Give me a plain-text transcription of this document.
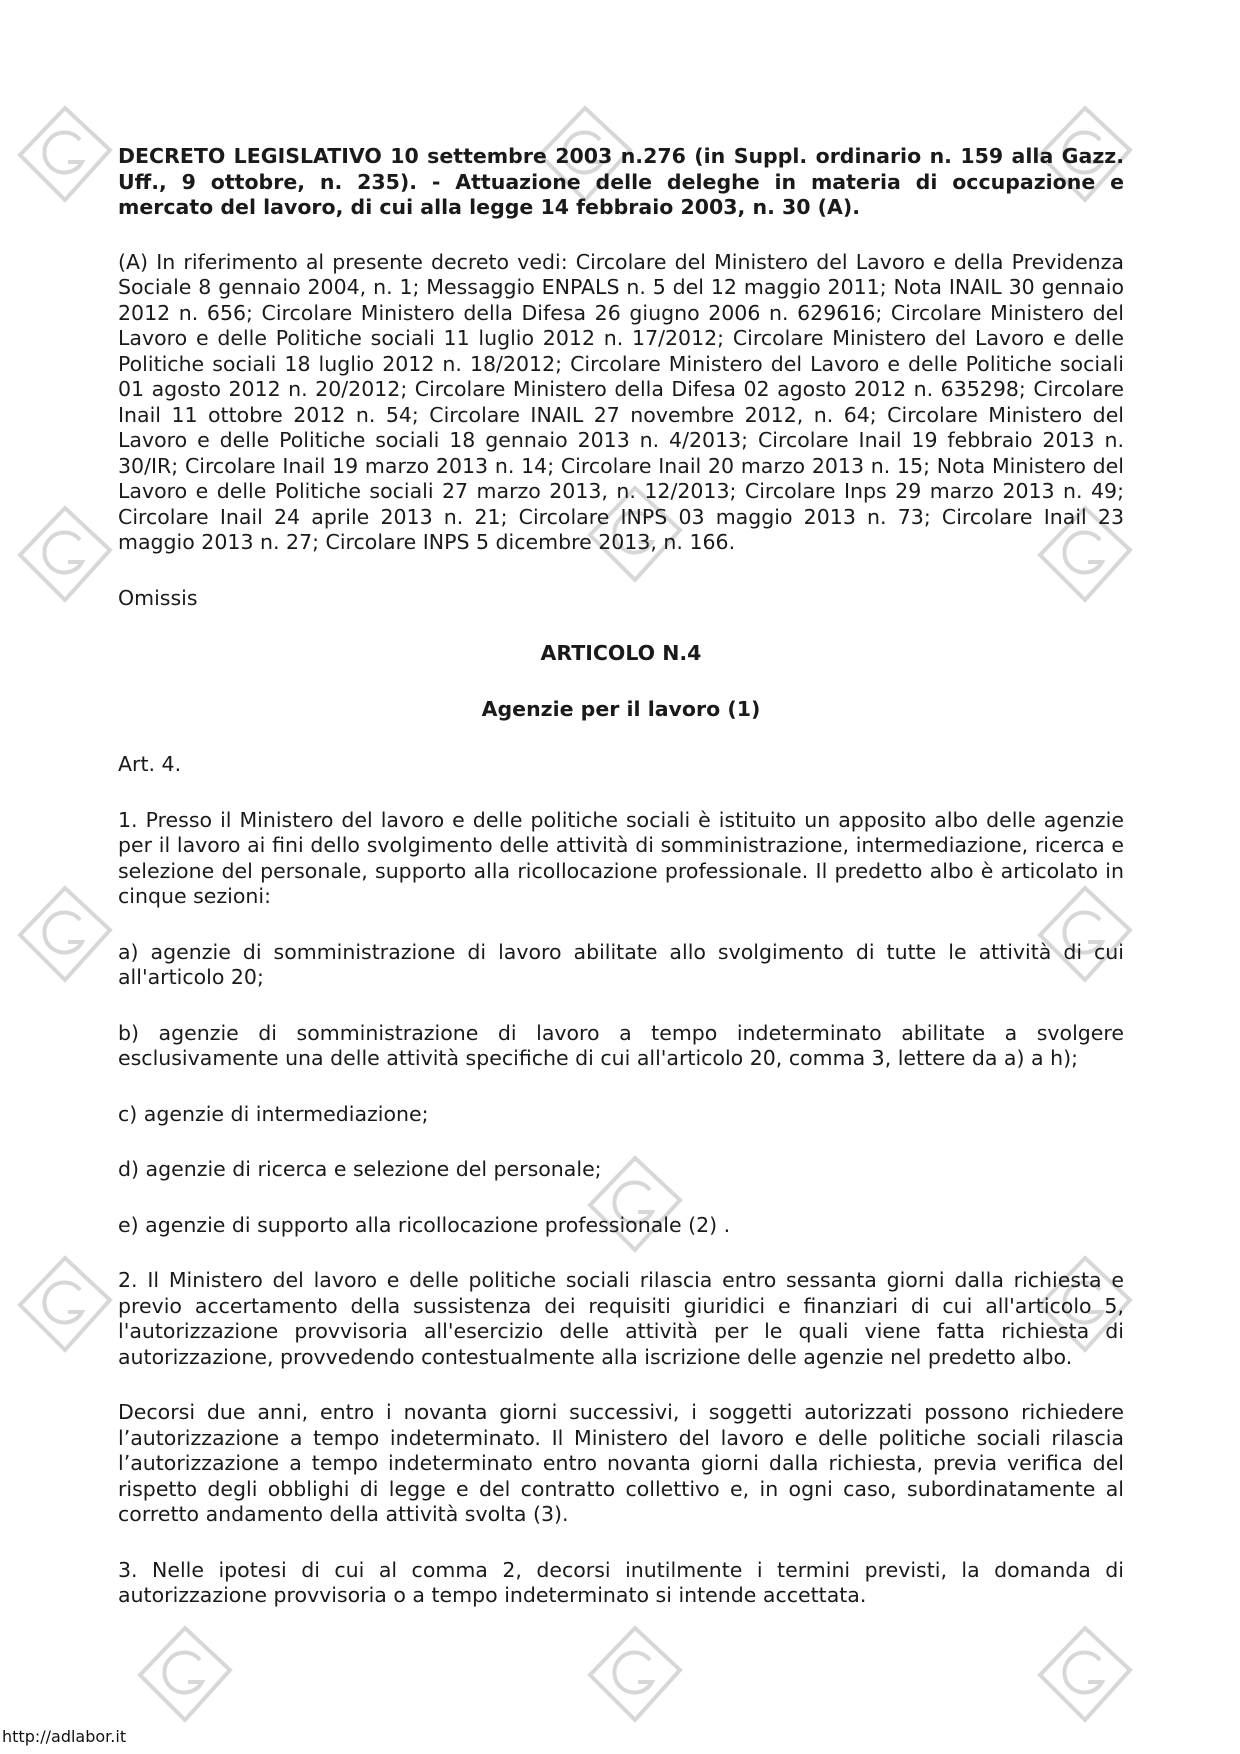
DECRETO LEGISLATIVO 10 settembre 2003 n.276 (in Suppl. ordinario n. 159 alla Gazz. Uff., 9 ottobre, n. 235). - Attuazione delle deleghe in materia di occupazione e mercato del lavoro, di cui alla legge 14 febbraio 2003, n. 30 (A).

(A) In riferimento al presente decreto vedi: Circolare del Ministero del Lavoro e della Previdenza Sociale 8 gennaio 2004, n. 1; Messaggio ENPALS n. 5 del 12 maggio 2011; Nota INAIL 30 gennaio 2012 n. 656; Circolare Ministero della Difesa 26 giugno 2006 n. 629616; Circolare Ministero del Lavoro e delle Politiche sociali 11 luglio 2012 n. 17/2012; Circolare Ministero del Lavoro e delle Politiche sociali 18 luglio 2012 n. 18/2012; Circolare Ministero del Lavoro e delle Politiche sociali 01 agosto 2012 n. 20/2012; Circolare Ministero della Difesa 02 agosto 2012 n. 635298; Circolare Inail 11 ottobre 2012 n. 54; Circolare INAIL 27 novembre 2012, n. 64; Circolare Ministero del Lavoro e delle Politiche sociali 18 gennaio 2013 n. 4/2013; Circolare Inail 19 febbraio 2013 n. 30/IR; Circolare Inail 19 marzo 2013 n. 14; Circolare Inail 20 marzo 2013 n. 15; Nota Ministero del Lavoro e delle Politiche sociali 27 marzo 2013, n. 12/2013; Circolare Inps 29 marzo 2013 n. 49; Circolare Inail 24 aprile 2013 n. 21; Circolare INPS 03 maggio 2013 n. 73; Circolare Inail 23 maggio 2013 n. 27; Circolare INPS 5 dicembre 2013, n. 166.

Omissis

ARTICOLO N.4

Agenzie per il lavoro (1)

Art. 4.

1. Presso il Ministero del lavoro e delle politiche sociali è istituito un apposito albo delle agenzie per il lavoro ai fini dello svolgimento delle attività di somministrazione, intermediazione, ricerca e selezione del personale, supporto alla ricollocazione professionale. Il predetto albo è articolato in cinque sezioni:

a) agenzie di somministrazione di lavoro abilitate allo svolgimento di tutte le attività di cui all'articolo 20;

b) agenzie di somministrazione di lavoro a tempo indeterminato abilitate a svolgere esclusivamente una delle attività specifiche di cui all'articolo 20, comma 3, lettere da a) a h);

c) agenzie di intermediazione;

d) agenzie di ricerca e selezione del personale;

e) agenzie di supporto alla ricollocazione professionale (2) .

2. Il Ministero del lavoro e delle politiche sociali rilascia entro sessanta giorni dalla richiesta e previo accertamento della sussistenza dei requisiti giuridici e finanziari di cui all'articolo 5, l'autorizzazione provvisoria all'esercizio delle attività per le quali viene fatta richiesta di autorizzazione, provvedendo contestualmente alla iscrizione delle agenzie nel predetto albo.

Decorsi due anni, entro i novanta giorni successivi, i soggetti autorizzati possono richiedere l’autorizzazione a tempo indeterminato. Il Ministero del lavoro e delle politiche sociali rilascia l’autorizzazione a tempo indeterminato entro novanta giorni dalla richiesta, previa verifica del rispetto degli obblighi di legge e del contratto collettivo e, in ogni caso, subordinatamente al corretto andamento della attività svolta (3).

3. Nelle ipotesi di cui al comma 2, decorsi inutilmente i termini previsti, la domanda di autorizzazione provvisoria o a tempo indeterminato si intende accettata.

http://adlabor.it
